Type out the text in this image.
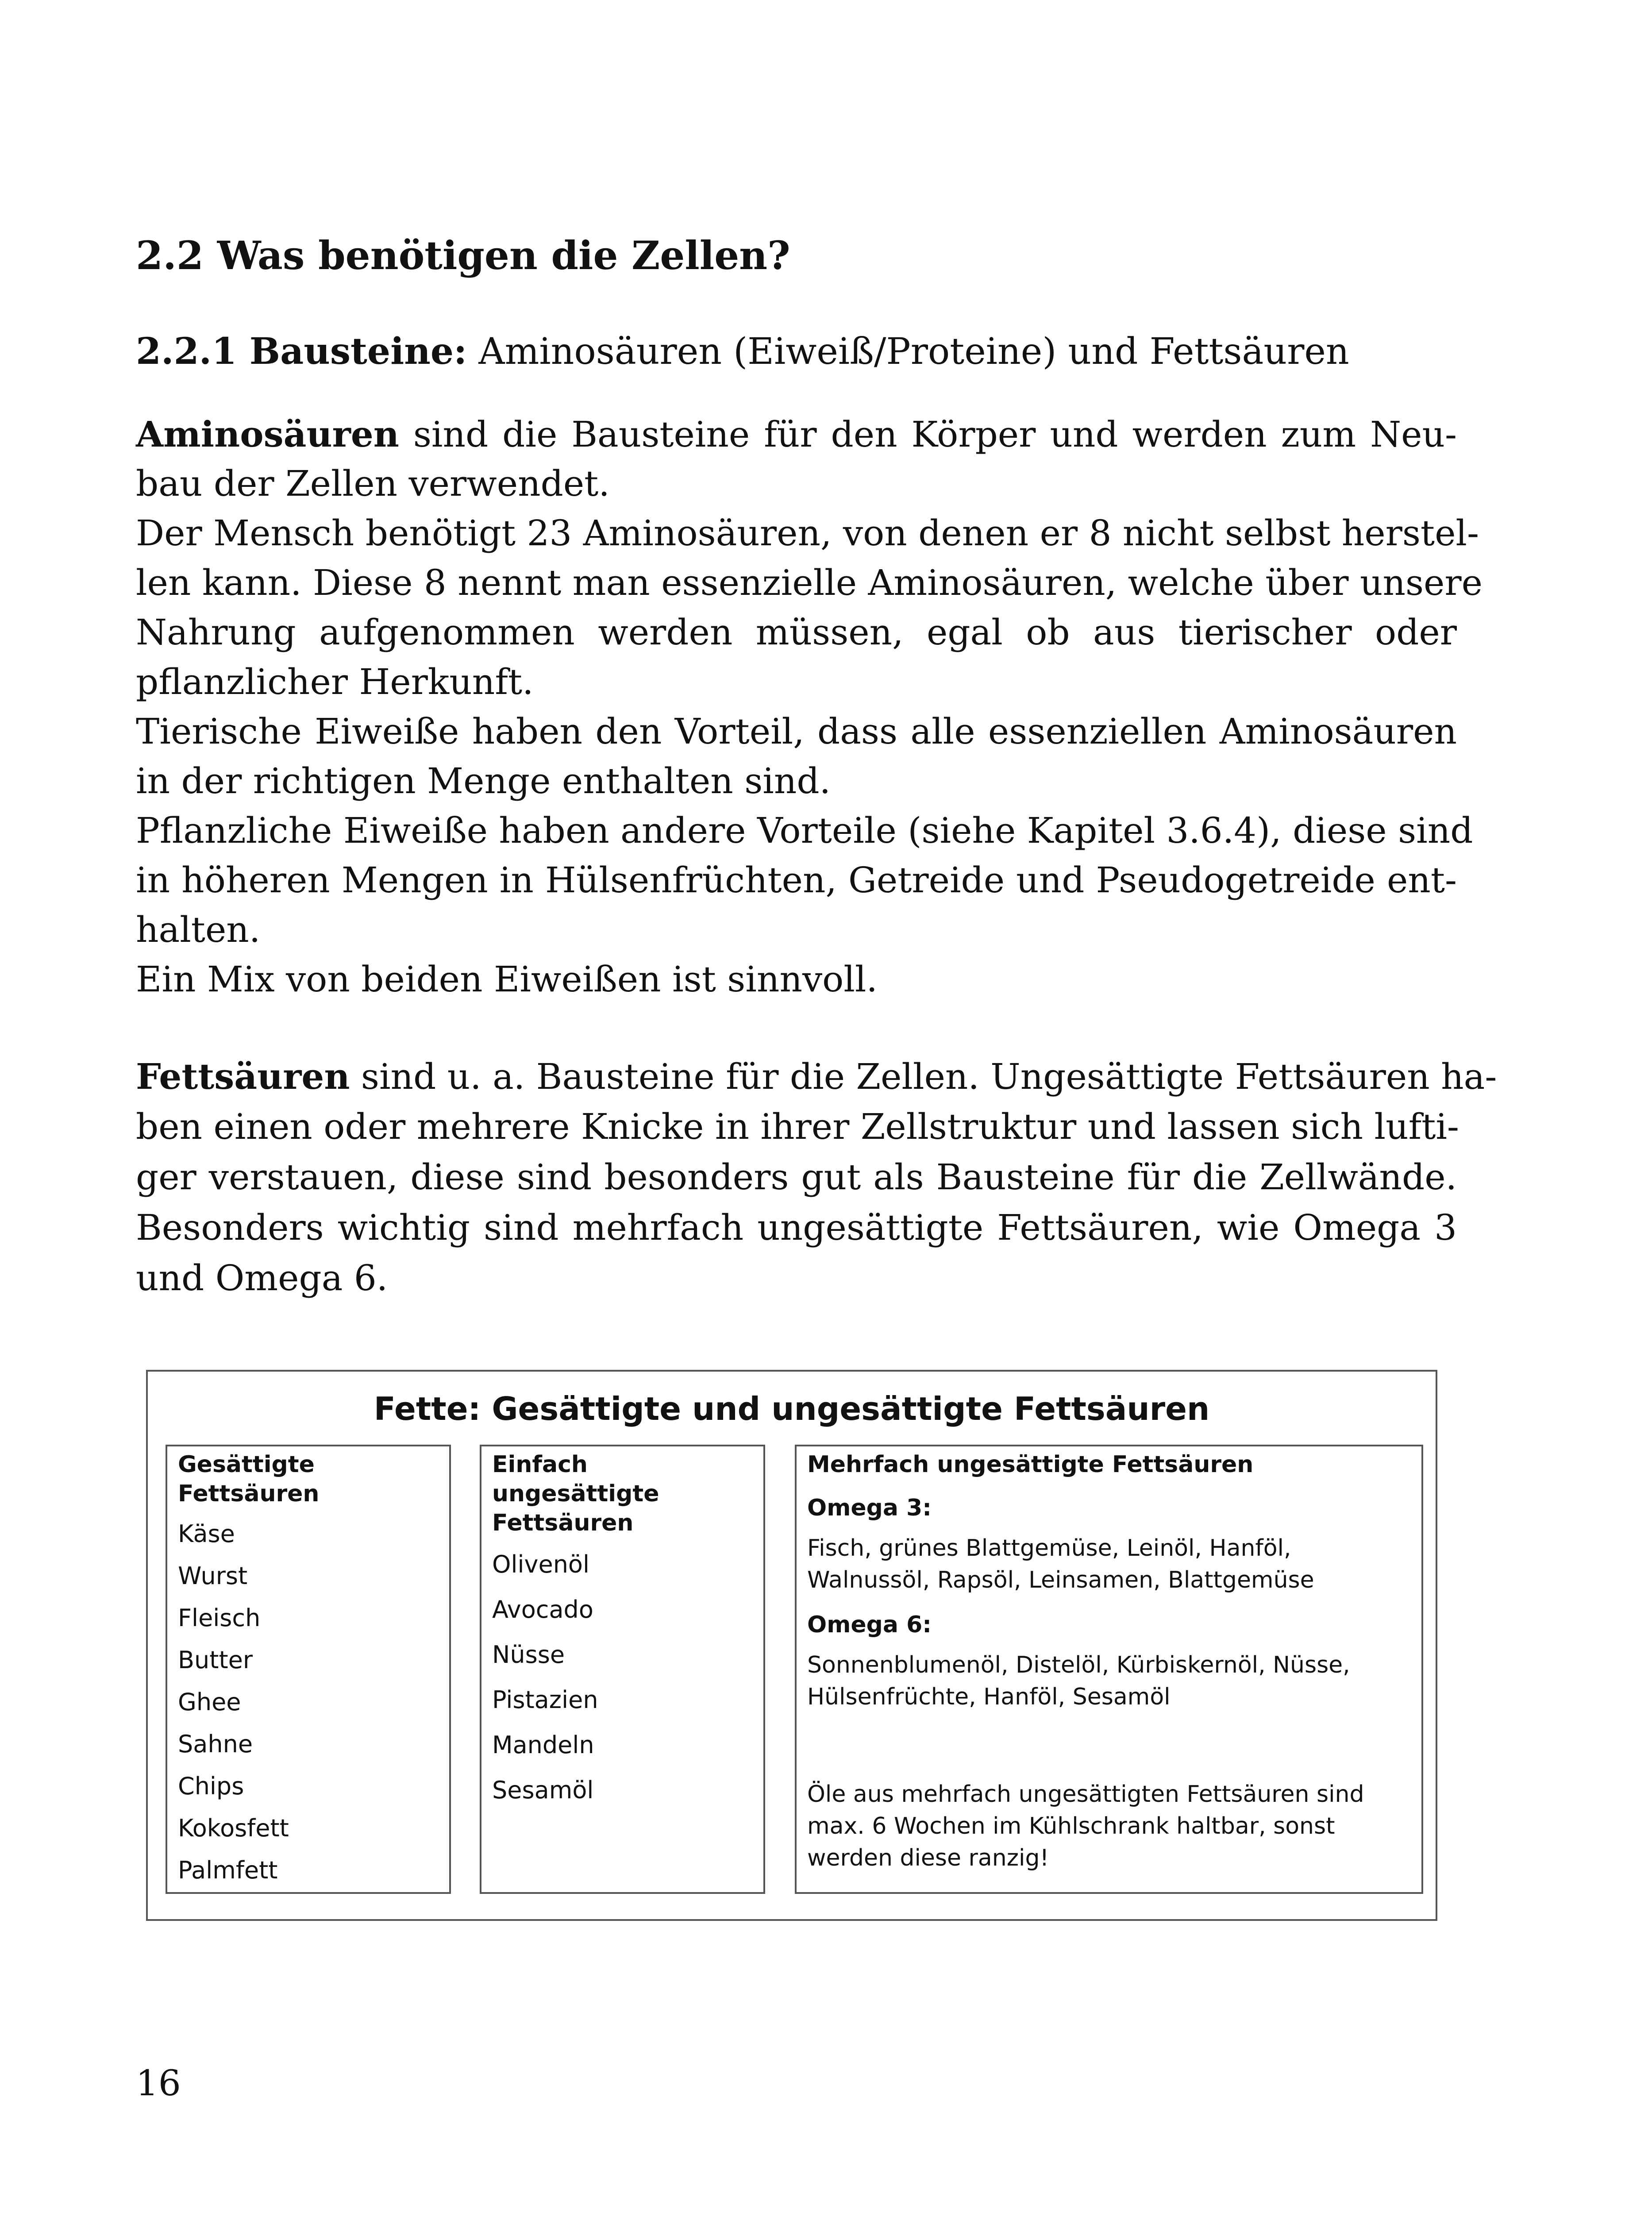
2.2 Was benötigen die Zellen?

2.2.1 Bausteine: Aminosäuren (Eiweiß/Proteine) und Fettsäuren

Aminosäuren sind die Bausteine für den Körper und werden zum Neu-
bau der Zellen verwendet.
Der Mensch benötigt 23 Aminosäuren, von denen er 8 nicht selbst herstel-
len kann. Diese 8 nennt man essenzielle Aminosäuren, welche über unsere
Nahrung aufgenommen werden müssen, egal ob aus tierischer oder
pflanzlicher Herkunft.
Tierische Eiweiße haben den Vorteil, dass alle essenziellen Aminosäuren
in der richtigen Menge enthalten sind.
Pflanzliche Eiweiße haben andere Vorteile (siehe Kapitel 3.6.4), diese sind
in höheren Mengen in Hülsenfrüchten, Getreide und Pseudogetreide ent-
halten.
Ein Mix von beiden Eiweißen ist sinnvoll.
Fettsäuren sind u. a. Bausteine für die Zellen. Ungesättigte Fettsäuren ha-
ben einen oder mehrere Knicke in ihrer Zellstruktur und lassen sich lufti-
ger verstauen, diese sind besonders gut als Bausteine für die Zellwände.
Besonders wichtig sind mehrfach ungesättigte Fettsäuren, wie Omega 3
und Omega 6.
Fette: Gesättigte und ungesättigte Fettsäuren

Gesättigte Fettsäuren

Käse
Wurst
Fleisch
Butter
Ghee
Sahne
Chips
Kokosfett
Palmfett

Einfach ungesättigte
Fettsäuren

Olivenöl
Avocado
Nüsse
Pistazien
Mandeln
Sesamöl

Mehrfach ungesättigte Fettsäuren

Omega 3:

Fisch, grünes Blattgemüse, Leinöl, Hanföl,
Walnussöl, Rapsöl, Leinsamen, Blattgemüse

Omega 6:

Sonnenblumenöl, Distelöl, Kürbiskernöl, Nüsse,
Hülsenfrüchte, Hanföl, Sesamöl

Öle aus mehrfach ungesättigten Fettsäuren sind
max. 6 Wochen im Kühlschrank haltbar, sonst
werden diese ranzig!

16
